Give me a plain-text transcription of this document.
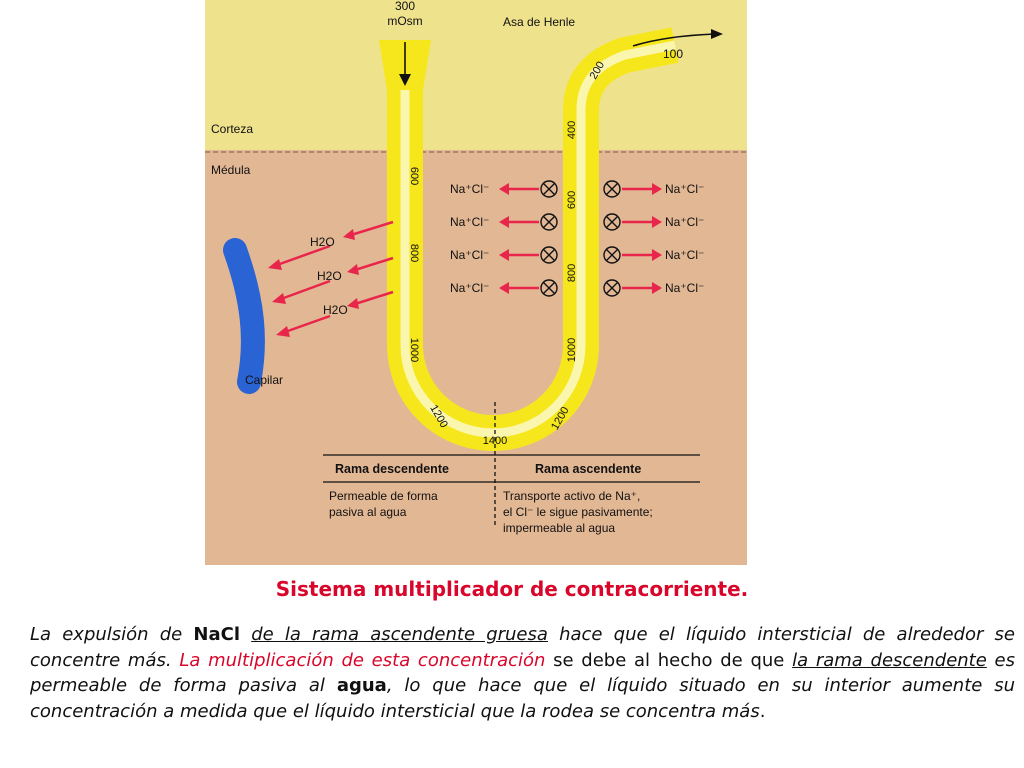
300
mOsm	Asa de Henle
100
Corteza
Médula
Capilar
600
800
1000
1200
200
400
600
800
1000
1200
1400
H2O
H2O
H2O
Na⁺Cl⁻
Na⁺Cl⁻
Na⁺Cl⁻
Na⁺Cl⁻
Na⁺Cl⁻
Na⁺Cl⁻
Na⁺Cl⁻
Na⁺Cl⁻
Rama descendente	Rama ascendente
Permeable de forma
pasiva al agua
Transporte activo de Na⁺,
el Cl⁻ le sigue pasivamente;
impermeable al agua
Sistema multiplicador de contracorriente.
La expulsión de NaCl de la rama ascendente gruesa hace que el líquido intersticial de alrededor se concentre más. La multiplicación de esta concentración se debe al hecho de que la rama descendente es permeable de forma pasiva al agua, lo que hace que el líquido situado en su interior aumente su concentración a medida que el líquido intersticial que la rodea se concentra más.
